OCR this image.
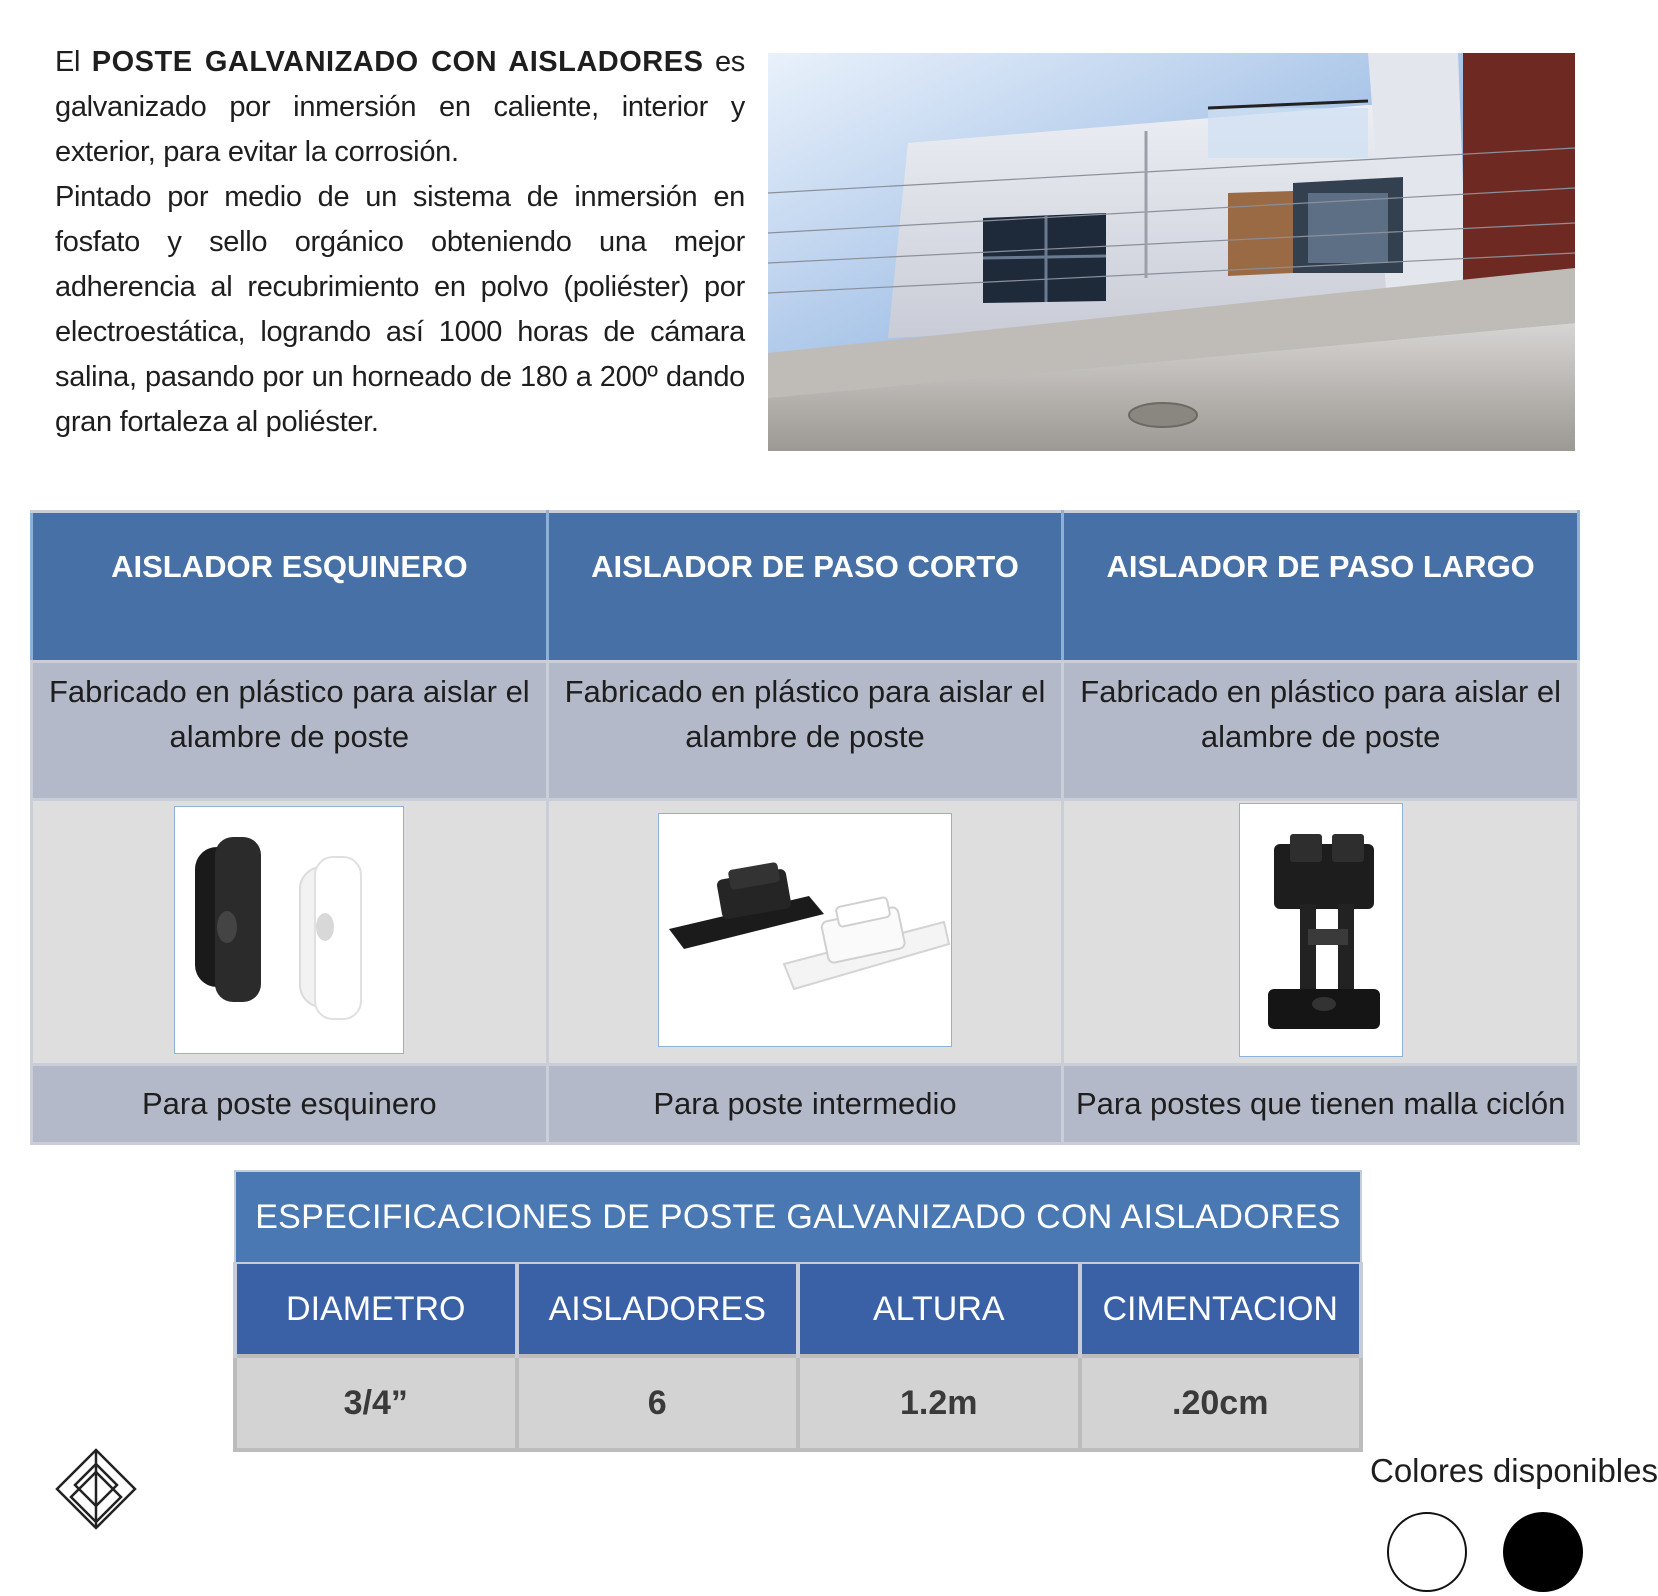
El POSTE GALVANIZADO CON AISLADORES es galvanizado por inmersión en caliente, interior y exterior, para evitar la corrosión.

Pintado por medio de un sistema de inmersión en fosfato y sello orgánico obteniendo una mejor adherencia al recubrimiento en polvo (poliéster) por electroestática, logrando así 1000 horas de cámara salina, pasando por un horneado de 180 a 200º dando gran fortaleza al poliéster.

AISLADOR ESQUINERO	AISLADOR DE PASO CORTO	AISLADOR DE PASO LARGO
Fabricado en plástico para aislar el alambre de poste	Fabricado en plástico para aislar el alambre de poste	Fabricado en plástico para aislar el alambre de poste

Para poste esquinero	Para poste intermedio	Para postes que tienen malla ciclón
ESPECIFICACIONES DE POSTE GALVANIZADO CON AISLADORES			
DIAMETRO	AISLADORES	ALTURA	CIMENTACION
3/4”	6	1.2m	.20cm
Colores disponibles
